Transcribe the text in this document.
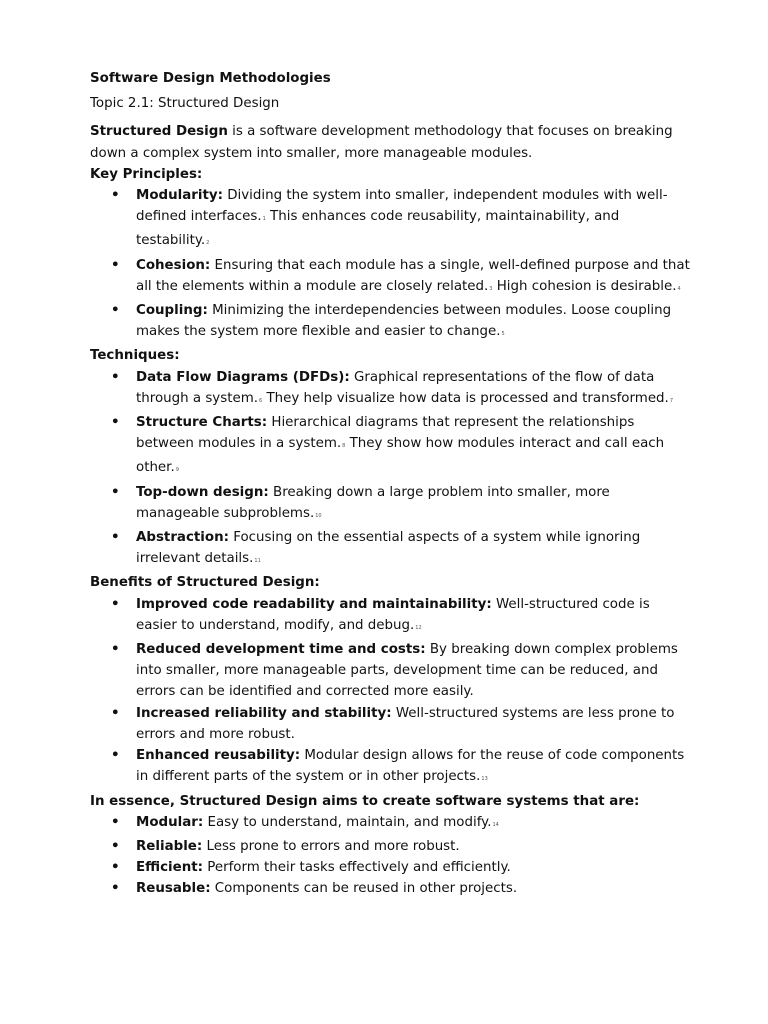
Software Design Methodologies
Topic 2.1: Structured Design

Structured Design is a software development methodology that focuses on breaking down a complex system into smaller, more manageable modules.

Key Principles:
• Modularity: Dividing the system into smaller, independent modules with well-defined interfaces.1 This enhances code reusability, maintainability, and testability.2
• Cohesion: Ensuring that each module has a single, well-defined purpose and that all the elements within a module are closely related.3 High cohesion is desirable.4
• Coupling: Minimizing the interdependencies between modules. Loose coupling makes the system more flexible and easier to change.5
Techniques:
• Data Flow Diagrams (DFDs): Graphical representations of the flow of data through a system.6 They help visualize how data is processed and transformed.7
• Structure Charts: Hierarchical diagrams that represent the relationships between modules in a system.8 They show how modules interact and call each other.9
• Top-down design: Breaking down a large problem into smaller, more manageable subproblems.10
• Abstraction: Focusing on the essential aspects of a system while ignoring irrelevant details.11
Benefits of Structured Design:
• Improved code readability and maintainability: Well-structured code is easier to understand, modify, and debug.12
• Reduced development time and costs: By breaking down complex problems into smaller, more manageable parts, development time can be reduced, and errors can be identified and corrected more easily.
• Increased reliability and stability: Well-structured systems are less prone to errors and more robust.
• Enhanced reusability: Modular design allows for the reuse of code components in different parts of the system or in other projects.13
In essence, Structured Design aims to create software systems that are:
• Modular: Easy to understand, maintain, and modify.14
• Reliable: Less prone to errors and more robust.
• Efficient: Perform their tasks effectively and efficiently.
• Reusable: Components can be reused in other projects.
